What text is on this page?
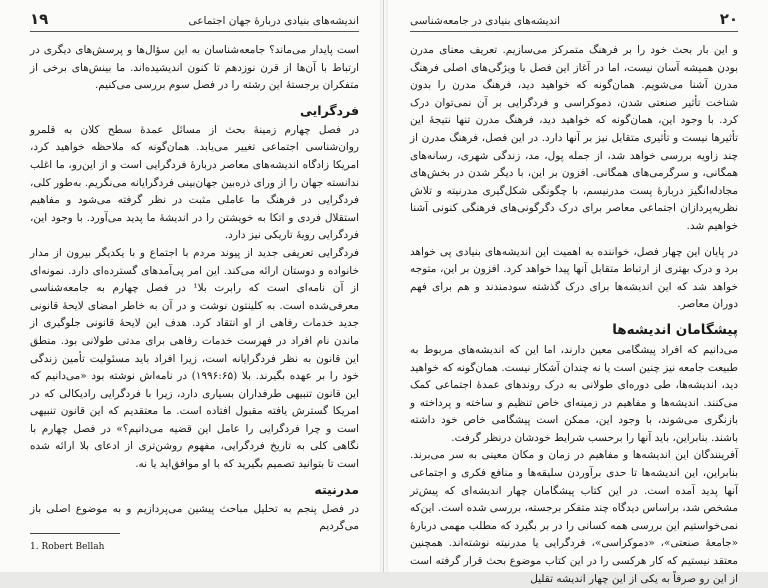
اندیشه‌های بنیادی دربارهٔ جهان اجتماعی
۱۹

است پایدار می‌ماند؟ جامعه‌شناسان به این سؤال‌ها و پرسش‌های دیگری در ارتباط با آن‌ها از قرن نوزدهم تا کنون اندیشیده‌اند. ما بینش‌های برخی از متفکران برجستهٔ این رشته را در فصل سوم بررسی می‌کنیم.

فردگرایی

در فصل چهارم زمینهٔ بحث از مسائل عمدهٔ سطح کلان به قلمرو روان‌شناسی اجتماعی تغییر می‌یابد. همان‌گونه که ملاحظه خواهید کرد، امریکا زادگاه اندیشه‌های معاصر دربارهٔ فردگرایی است و از این‌رو، ما اغلب ندانسته جهان را از ورای ذره‌بین جهان‌بینی فردگرایانه می‌نگریم. به‌طور کلی، فردگرایی در فرهنگ ما عاملی مثبت در نظر گرفته می‌شود و مفاهیم استقلال فردی و اتکا به خویشتن را در اندیشهٔ ما پدید می‌آورد. با وجود این، فردگرایی رویهٔ تاریکی نیز دارد.

فردگرایی تعریفی جدید از پیوند مردم با اجتماع و با یکدیگر بیرون از مدار خانواده و دوستان ارائه می‌کند. این امر پی‌آمدهای گسترده‌ای دارد. نمونه‌ای از آن نامه‌ای است که رابرت بلا¹ در فصل چهارم به جامعه‌شناسی معرفی‌شده است. به کلینتون نوشت و در آن به خاطر امضای لایحهٔ قانونی جدید خدمات رفاهی از او انتقاد کرد. هدف این لایحهٔ قانونی جلوگیری از ماندن نام افراد در فهرست خدمات رفاهی برای مدتی طولانی بود. منطق این قانون به نظر فرد‌گرایانه است، زیرا افراد باید مسئولیت تأمین زندگی خود را بر عهده بگیرند. بلا (۱۹۹۶:۶۵) در نامه‌اش نوشته بود «می‌دانیم که این قانون تنبیهی طرفداران بسیاری دارد، زیرا با فردگرایی رادیکالی که در امریکا گسترش یافته مقبول افتاده است. ما معتقدیم که این قانون تنبیهی است و چرا فردگرایی را عامل این قضیه می‌دانیم؟» در فصل چهارم با نگاهی کلی به تاریخ فردگرایی، مفهوم روشن‌تری از ادعای بلا ارائه شده است تا بتوانید تصمیم بگیرید که با او موافق‌اید یا نه.

مدرنیته

در فصل پنجم به تحلیل مباحث پیشین می‌پردازیم و به موضوع اصلی باز می‌گردیم

1. Robert Bellah
۲۰
اندیشه‌های بنیادی در جامعه‌شناسی

و این بار بحث خود را بر فرهنگ متمرکز می‌سازیم. تعریف معنای مدرن بودن همیشه آسان نیست، اما در آغاز این فصل با ویژگی‌های اصلی فرهنگ مدرن آشنا می‌شویم. همان‌گونه که خواهید دید، فرهنگ مدرن را بدون شناخت تأثیر صنعتی شدن، دموکراسی و فردگرایی بر آن نمی‌توان درک کرد. با وجود این، همان‌گونه که خواهید دید، فرهنگ مدرن تنها نتیجهٔ این تأثیرها نیست و تأثیری متقابل نیز بر آنها دارد. در این فصل، فرهنگ مدرن از چند زاویه بررسی خواهد شد، از جمله پول، مد، زندگی شهری، رسانه‌های همگانی، و سرگرمی‌های همگانی. افزون بر این، با دیگر شدن در بخش‌های مجادله‌انگیز دربارهٔ پست مدرنیسم، با چگونگی شکل‌گیری مدرنیته و تلاش نظریه‌پردازان اجتماعی معاصر برای درک دگرگونی‌های فرهنگی کنونی آشنا خواهیم شد.

در پایان این چهار فصل، خواننده به اهمیت این اندیشه‌های بنیادی پی خواهد برد و درک بهتری از ارتباط متقابل آنها پیدا خواهد کرد. افزون بر این، متوجه خواهد شد که این اندیشه‌ها برای درک گذشته سودمندند و هم برای فهم دوران معاصر.

پیشگامان اندیشه‌ها

می‌دانیم که افراد پیشگامی معین دارند، اما این که اندیشه‌های مربوط به طبیعت جامعه نیز چنین است یا نه چندان آشکار نیست. همان‌گونه که خواهید دید، اندیشه‌ها، طی دوره‌ای طولانی به درک روندهای عمدهٔ اجتماعی کمک می‌کنند. اندیشه‌ها و مفاهیم در زمینه‌ای خاص تنظیم و ساخته و پرداخته و بازنگری می‌شوند، با وجود این، ممکن است پیشگامی خاص خود داشته باشند. بنابراین، باید آنها را برحسب شرایط خودشان درنظر گرفت.

آفرینندگان این اندیشه‌ها و مفاهیم در زمان و مکان معینی به سر می‌برند. بنابراین، این اندیشه‌ها تا حدی برآوردن سلیقه‌ها و منافع فکری و اجتماعی آنها پدید آمده است. در این کتاب پیشگامان چهار اندیشه‌ای که پیش‌تر مشخص شد، براساس دیدگاه چند متفکر برجسته، بررسی شده است. این‌که نمی‌خواستیم این بررسی همه کسانی را در بر بگیرد که مطلب مهمی دربارهٔ «جامعهٔ صنعتی»، «دموکراسی»، فردگرایی یا مدرنیته نوشته‌اند. همچنین معتقد نیستیم که کار هرکسی را در این کتاب موضوع بحث قرار گرفته است از این رو صرفاً به یکی از این چهار اندیشه تقلیل
